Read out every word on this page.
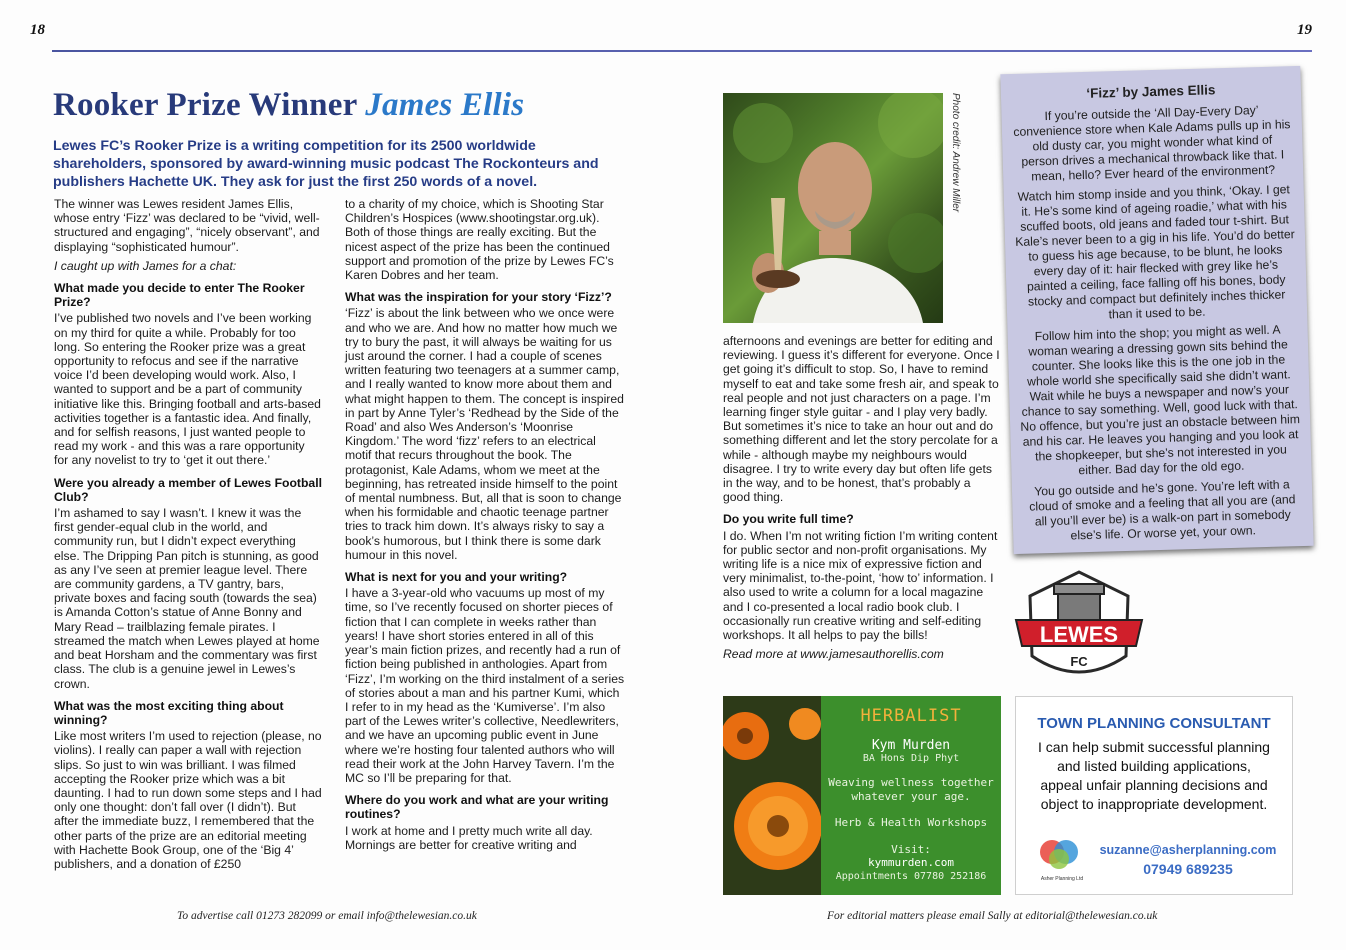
18	19
Rooker Prize Winner James Ellis

Lewes FC’s Rooker Prize is a writing competition for its 2500 worldwide shareholders, sponsored by award-winning music podcast The Rockonteurs and publishers Hachette UK. They ask for just the first 250 words of a novel.

The winner was Lewes resident James Ellis, whose entry ‘Fizz’ was declared to be “vivid, well-structured and engaging”, “nicely observant”, and displaying “sophisticated humour”.

I caught up with James for a chat:

What made you decide to enter The Rooker Prize?

I’ve published two novels and I’ve been working on my third for quite a while. Probably for too long. So entering the Rooker prize was a great opportunity to refocus and see if the narrative voice I’d been developing would work. Also, I wanted to support and be a part of community initiative like this. Bringing football and arts-based activities together is a fantastic idea. And finally, and for selfish reasons, I just wanted people to read my work - and this was a rare opportunity for any novelist to try to ‘get it out there.’

Were you already a member of Lewes Football Club?

I’m ashamed to say I wasn’t. I knew it was the first gender-equal club in the world, and community run, but I didn’t expect everything else. The Dripping Pan pitch is stunning, as good as any I’ve seen at premier league level. There are community gardens, a TV gantry, bars, private boxes and facing south (towards the sea) is Amanda Cotton’s statue of Anne Bonny and Mary Read – trailblazing female pirates. I streamed the match when Lewes played at home and beat Horsham and the commentary was first class. The club is a genuine jewel in Lewes’s crown.

What was the most exciting thing about winning?

Like most writers I’m used to rejection (please, no violins). I really can paper a wall with rejection slips. So just to win was brilliant. I was filmed accepting the Rooker prize which was a bit daunting. I had to run down some steps and I had only one thought: don’t fall over (I didn’t). But after the immediate buzz, I remembered that the other parts of the prize are an editorial meeting with Hachette Book Group, one of the ‘Big 4’ publishers, and a donation of £250

to a charity of my choice, which is Shooting Star Children’s Hospices (www.shootingstar.org.uk). Both of those things are really exciting. But the nicest aspect of the prize has been the continued support and promotion of the prize by Lewes FC’s Karen Dobres and her team.

What was the inspiration for your story ‘Fizz’?

‘Fizz’ is about the link between who we once were and who we are. And how no matter how much we try to bury the past, it will always be waiting for us just around the corner. I had a couple of scenes written featuring two teenagers at a summer camp, and I really wanted to know more about them and what might happen to them. The concept is inspired in part by Anne Tyler’s ‘Redhead by the Side of the Road’ and also Wes Anderson’s ‘Moonrise Kingdom.’ The word ‘fizz’ refers to an electrical motif that recurs throughout the book. The protagonist, Kale Adams, whom we meet at the beginning, has retreated inside himself to the point of mental numbness. But, all that is soon to change when his formidable and chaotic teenage partner tries to track him down. It’s always risky to say a book’s humorous, but I think there is some dark humour in this novel.

What is next for you and your writing?

I have a 3-year-old who vacuums up most of my time, so I’ve recently focused on shorter pieces of fiction that I can complete in weeks rather than years! I have short stories entered in all of this year’s main fiction prizes, and recently had a run of fiction being published in anthologies. Apart from ‘Fizz’, I’m working on the third instalment of a series of stories about a man and his partner Kumi, which I refer to in my head as the ‘Kumiverse’. I’m also part of the Lewes writer’s collective, Needlewriters, and we have an upcoming public event in June where we’re hosting four talented authors who will read their work at the John Harvey Tavern. I’m the MC so I’ll be preparing for that.

Where do you work and what are your writing routines?

I work at home and I pretty much write all day. Mornings are better for creative writing and

Photo credit: Andrew Miller

afternoons and evenings are better for editing and reviewing. I guess it’s different for everyone. Once I get going it’s difficult to stop. So, I have to remind myself to eat and take some fresh air, and speak to real people and not just characters on a page. I’m learning finger style guitar - and I play very badly. But sometimes it’s nice to take an hour out and do something different and let the story percolate for a while - although maybe my neighbours would disagree. I try to write every day but often life gets in the way, and to be honest, that’s probably a good thing.

Do you write full time?

I do. When I’m not writing fiction I’m writing content for public sector and non-profit organisations. My writing life is a nice mix of expressive fiction and very minimalist, to-the-point, ‘how to’ information. I also used to write a column for a local magazine and I co-presented a local radio book club. I occasionally run creative writing and self-editing workshops. It all helps to pay the bills!

Read more at www.jamesauthorellis.com

‘Fizz’ by James Ellis

If you’re outside the ‘All Day-Every Day’ convenience store when Kale Adams pulls up in his old dusty car, you might wonder what kind of person drives a mechanical throwback like that. I mean, hello? Ever heard of the environment?

Watch him stomp inside and you think, ‘Okay. I get it. He’s some kind of ageing roadie,’ what with his scuffed boots, old jeans and faded tour t-shirt. But Kale’s never been to a gig in his life. You’d do better to guess his age because, to be blunt, he looks every day of it: hair flecked with grey like he’s painted a ceiling, face falling off his bones, body stocky and compact but definitely inches thicker than it used to be.

Follow him into the shop; you might as well. A woman wearing a dressing gown sits behind the counter. She looks like this is the one job in the whole world she specifically said she didn’t want. Wait while he buys a newspaper and now’s your chance to say something. Well, good luck with that. No offence, but you’re just an obstacle between him and his car. He leaves you hanging and you look at the shopkeeper, but she’s not interested in you either. Bad day for the old ego.

You go outside and he’s gone. You’re left with a cloud of smoke and a feeling that all you are (and all you’ll ever be) is a walk-on part in somebody else’s life. Or worse yet, your own.

LEWES
FC
HERBALIST
Kym Murden
BA Hons Dip Phyt
Weaving wellness together whatever your age.
Herb & Health Workshops
Visit:
kymmurden.com
Appointments 07780 252186
TOWN PLANNING CONSULTANT
I can help submit successful planning and listed building applications, appeal unfair planning decisions and object to inappropriate development.
Asher Planning Ltd
suzanne@asherplanning.com
07949 689235
To advertise call 01273 282099 or email info@thelewesian.co.uk	For editorial matters please email Sally at editorial@thelewesian.co.uk
